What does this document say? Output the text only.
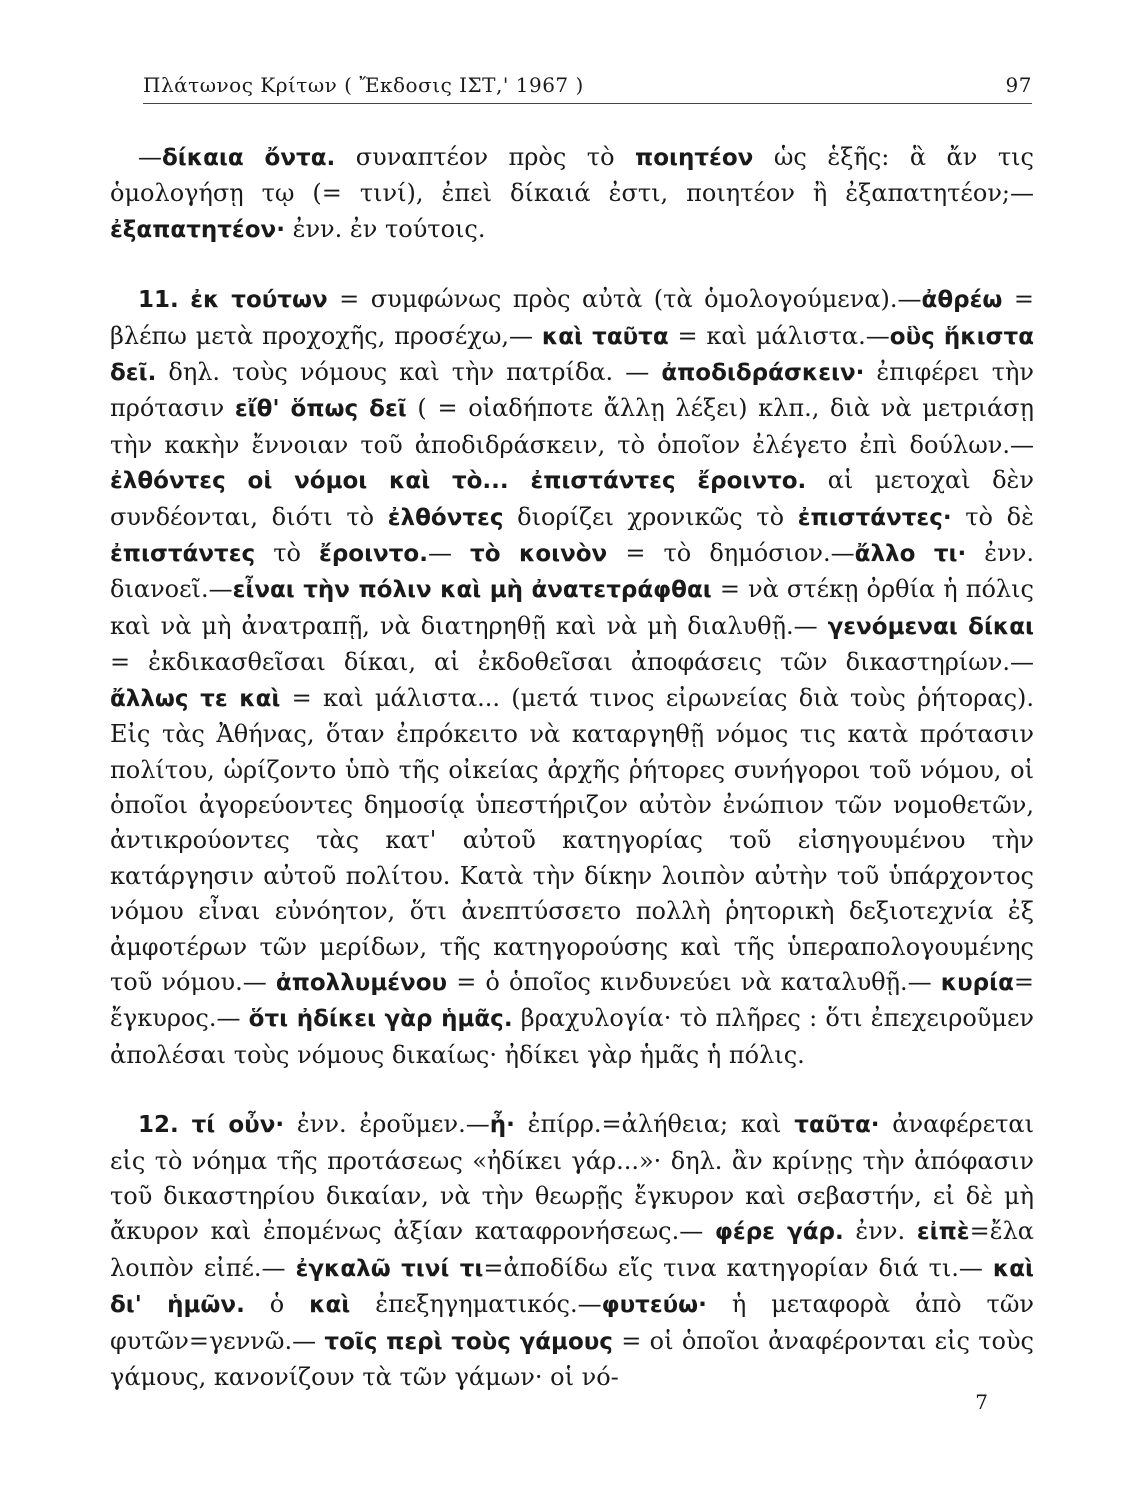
Πλάτωνος Κρίτων ( Ἔκδοσις ΙΣΤ,' 1967 )	97

—δίκαια ὄντα. συναπτέον πρὸς τὸ ποιητέον ὡς ἑξῆς: ἃ ἄν τις ὁμολογήσῃ τῳ (= τινί), ἐπεὶ δίκαιά ἐστι, ποιητέον ἢ ἐξαπατητέον;—ἐξαπατητέον· ἐνν. ἐν τούτοις.

11. ἐκ τούτων = συμφώνως πρὸς αὐτὰ (τὰ ὁμολογούμενα).—ἀθρέω = βλέπω μετὰ προχοχῆς, προσέχω,— καὶ ταῦτα = καὶ μάλιστα.—οὓς ἥκιστα δεῖ. δηλ. τοὺς νόμους καὶ τὴν πατρίδα. — ἀποδιδράσκειν· ἐπιφέρει τὴν πρότασιν εἴθ' ὅπως δεῖ ( = οἱαδήποτε ἄλλῃ λέξει) κλπ., διὰ νὰ μετριάσῃ τὴν κακὴν ἔννοιαν τοῦ ἀποδιδράσκειν, τὸ ὁποῖον ἐλέγετο ἐπὶ δούλων.— ἐλθόντες οἱ νόμοι καὶ τὸ... ἐπιστάντες ἔροιντο. αἱ μετοχαὶ δὲν συνδέονται, διότι τὸ ἐλθόντες διορίζει χρονικῶς τὸ ἐπιστάντες· τὸ δὲ ἐπιστάντες τὸ ἔροιντο.— τὸ κοινὸν = τὸ δημόσιον.—ἄλλο τι· ἐνν. διανοεῖ.—εἶναι τὴν πόλιν καὶ μὴ ἀνατετράφθαι = νὰ στέκῃ ὀρθία ἡ πόλις καὶ νὰ μὴ ἀνατραπῇ, νὰ διατηρηθῇ καὶ νὰ μὴ διαλυθῇ.— γενόμεναι δίκαι = ἐκδικασθεῖσαι δίκαι, αἱ ἐκδοθεῖσαι ἀποφάσεις τῶν δικαστηρίων.— ἄλλως τε καὶ = καὶ μάλιστα... (μετά τινος εἰρωνείας διὰ τοὺς ῥήτορας). Εἰς τὰς Ἀθήνας, ὅταν ἐπρόκειτο νὰ καταργηθῇ νόμος τις κατὰ πρότασιν πολίτου, ὡρίζοντο ὑπὸ τῆς οἰκείας ἀρχῆς ῥήτορες συνήγοροι τοῦ νόμου, οἱ ὁποῖοι ἀγορεύοντες δημοσίᾳ ὑπεστήριζον αὐτὸν ἐνώπιον τῶν νομοθετῶν, ἀντικρούοντες τὰς κατ' αὐτοῦ κατηγορίας τοῦ εἰσηγουμένου τὴν κατάργησιν αὐτοῦ πολίτου. Κατὰ τὴν δίκην λοιπὸν αὐτὴν τοῦ ὑπάρχοντος νόμου εἶναι εὐνόητον, ὅτι ἀνεπτύσσετο πολλὴ ῥητορικὴ δεξιοτεχνία ἐξ ἀμφοτέρων τῶν μερίδων, τῆς κατηγορούσης καὶ τῆς ὑπεραπολογουμένης τοῦ νόμου.— ἀπολλυμένου = ὁ ὁποῖος κινδυνεύει νὰ καταλυθῇ.— κυρία= ἔγκυρος.— ὅτι ἠδίκει γὰρ ἡμᾶς. βραχυλογία· τὸ πλῆρες : ὅτι ἐπεχειροῦμεν ἀπολέσαι τοὺς νόμους δικαίως· ἠδίκει γὰρ ἡμᾶς ἡ πόλις.

12. τί οὖν· ἐνν. ἐροῦμεν.—ἦ· ἐπίρρ.=ἀλήθεια; καὶ ταῦτα· ἀναφέρεται εἰς τὸ νόημα τῆς προτάσεως «ἠδίκει γάρ...»· δηλ. ἂν κρίνῃς τὴν ἀπόφασιν τοῦ δικαστηρίου δικαίαν, νὰ τὴν θεωρῇς ἔγκυρον καὶ σεβαστήν, εἰ δὲ μὴ ἄκυρον καὶ ἐπομένως ἀξίαν καταφρονήσεως.— φέρε γάρ. ἐνν. εἰπὲ=ἔλα λοιπὸν εἰπέ.— ἐγκαλῶ τινί τι=ἀποδίδω εἴς τινα κατηγορίαν διά τι.— καὶ δι' ἡμῶν. ὁ καὶ ἐπεξηγηματικός.—φυτεύω· ἡ μεταφορὰ ἀπὸ τῶν φυτῶν=γεννῶ.— τοῖς περὶ τοὺς γάμους = οἱ ὁποῖοι ἀναφέρονται εἰς τοὺς γάμους, κανονίζουν τὰ τῶν γάμων· οἱ νό-

7
